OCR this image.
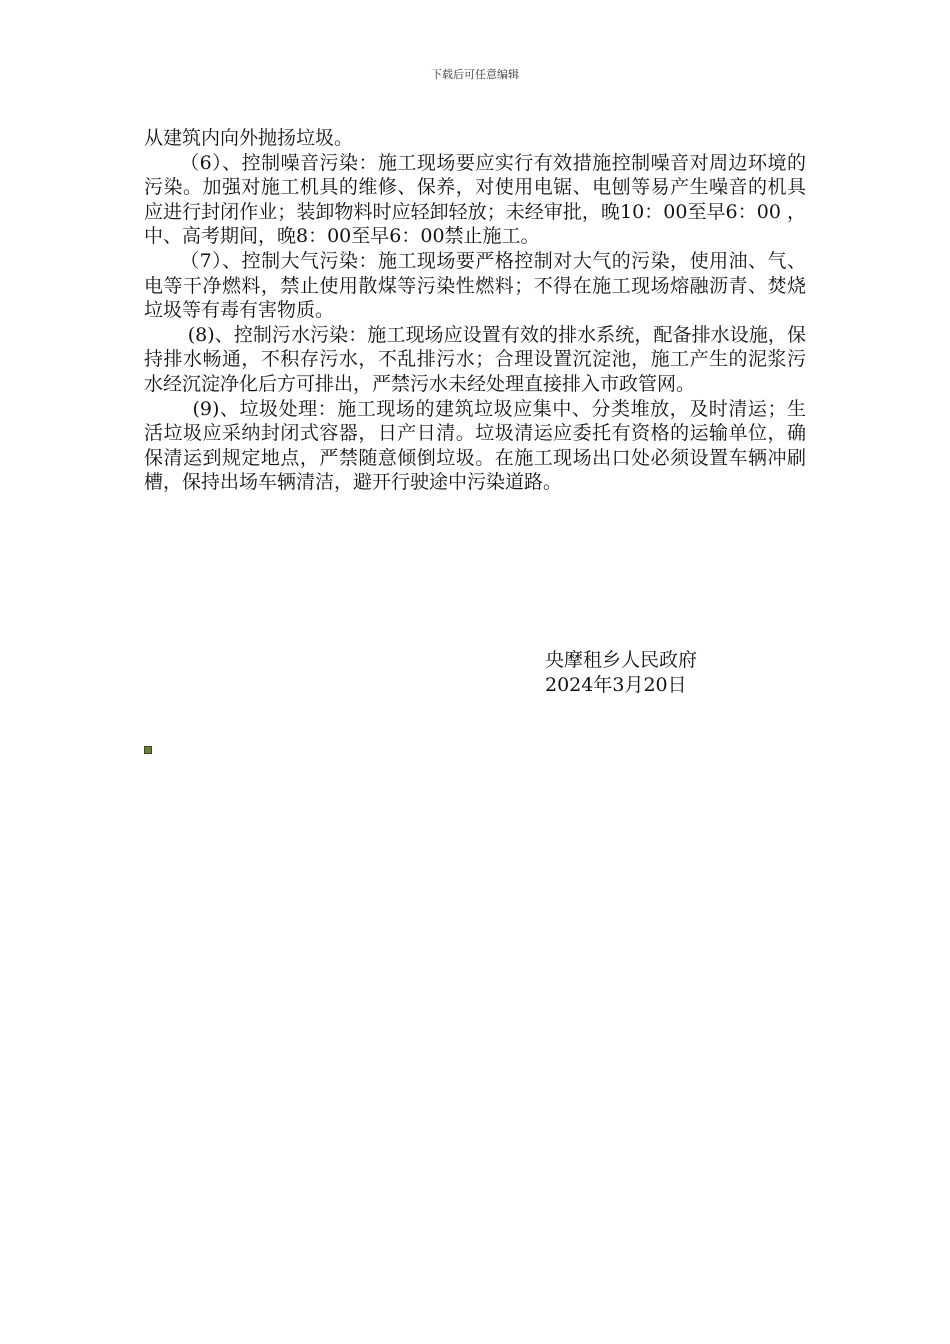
下载后可任意编辑

从建筑内向外抛扬垃圾。

（6）、控制噪音污染：施工现场要应实行有效措施控制噪音对周边环境的污染。加强对施工机具的维修、保养，对使用电锯、电刨等易产生噪音的机具应进行封闭作业；装卸物料时应轻卸轻放；未经审批，晚10：00至早6：00 ，中、高考期间，晚8：00至早6：00禁止施工。

（7）、控制大气污染：施工现场要严格控制对大气的污染，使用油、气、电等干净燃料，禁止使用散煤等污染性燃料；不得在施工现场熔融沥青、焚烧垃圾等有毒有害物质。

(8)、控制污水污染：施工现场应设置有效的排水系统，配备排水设施，保持排水畅通，不积存污水，不乱排污水；合理设置沉淀池，施工产生的泥浆污水经沉淀净化后方可排出，严禁污水未经处理直接排入市政管网。

(9)、垃圾处理：施工现场的建筑垃圾应集中、分类堆放，及时清运；生活垃圾应采纳封闭式容器，日产日清。垃圾清运应委托有资格的运输单位，确保清运到规定地点，严禁随意倾倒垃圾。在施工现场出口处必须设置车辆冲刷槽，保持出场车辆清洁，避开行驶途中污染道路。

央摩租乡人民政府
2024年3月20日
